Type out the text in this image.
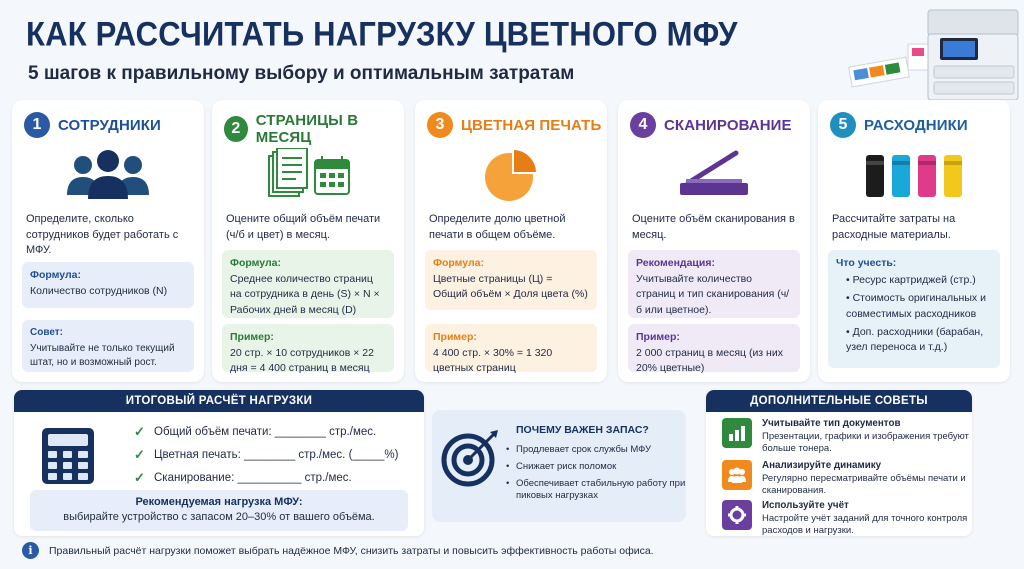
КАК РАССЧИТАТЬ НАГРУЗКУ ЦВЕТНОГО МФУ
5 шагов к правильному выбору и оптимальным затратам
1	СОТРУДНИКИ
Определите, сколько сотрудников будет работать с МФУ.
Формула:
Количество сотрудников (N)
Совет:
Учитывайте не только текущий штат, но и возможный рост.
2	СТРАНИЦЫ В МЕСЯЦ
Оцените общий объём печати (ч/б и цвет) в месяц.
Формула:
Среднее количество страниц на сотрудника в день (S) × N × Рабочих дней в месяц (D)
Пример:
20 стр. × 10 сотрудников × 22 дня = 4 400 страниц в месяц
3	ЦВЕТНАЯ ПЕЧАТЬ
Определите долю цветной печати в общем объёме.
Формула:
Цветные страницы (Ц) = Общий объём × Доля цвета (%)
Пример:
4 400 стр. × 30% = 1 320 цветных страниц
4	СКАНИРОВАНИЕ
Оцените объём сканирования в месяц.
Рекомендация:
Учитывайте количество страниц и тип сканирования (ч/б или цветное).
Пример:
2 000 страниц в месяц (из них 20% цветные)
5	РАСХОДНИКИ
Рассчитайте затраты на расходные материалы.
Что учесть:
• Ресурс картриджей (стр.)
• Стоимость оригинальных и совместимых расходников
• Доп. расходники (барабан, узел переноса и т.д.)
ИТОГОВЫЙ РАСЧЁТ НАГРУЗКИ
✓ Общий объём печати: ________ стр./мес.
✓ Цветная печать: ________ стр./мес. (_____%)
✓ Сканирование: __________ стр./мес.
Рекомендуемая нагрузка МФУ:
выбирайте устройство с запасом 20–30% от вашего объёма.
ПОЧЕМУ ВАЖЕН ЗАПАС?
• Продлевает срок службы МФУ
• Снижает риск поломок
• Обеспечивает стабильную работу при пиковых нагрузках
ДОПОЛНИТЕЛЬНЫЕ СОВЕТЫ
Учитывайте тип документов
Презентации, графики и изображения требуют больше тонера.
Анализируйте динамику
Регулярно пересматривайте объёмы печати и сканирования.
Используйте учёт
Настройте учёт заданий для точного контроля расходов и нагрузки.
i	Правильный расчёт нагрузки поможет выбрать надёжное МФУ, снизить затраты и повысить эффективность работы офиса.
